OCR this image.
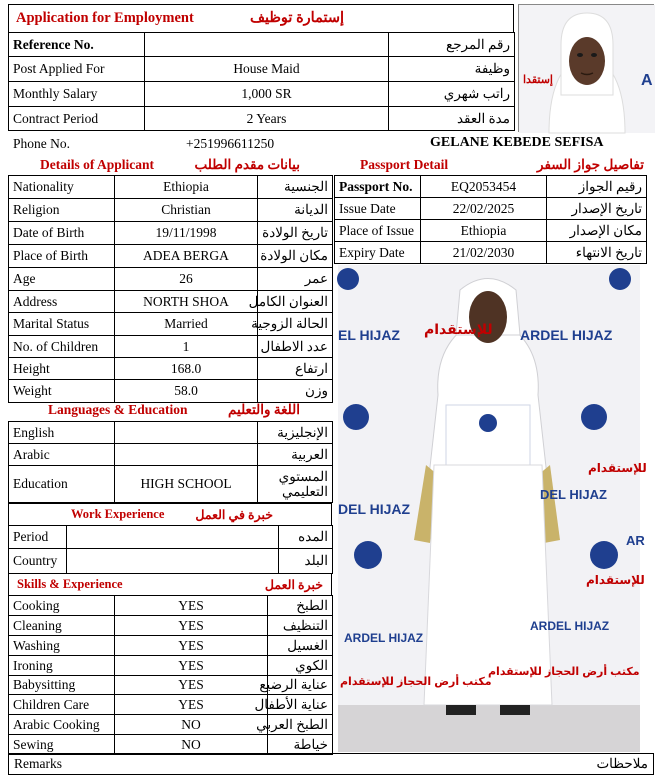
Application for Employment	إستمارة توظيف
Reference No.		رقم المرجع
Post Applied For	House Maid	وظيفة
Monthly Salary	1,000 SR	راتب شهري
Contract Period	2 Years	مدة العقد
إستقدا	A
Phone No.	+251996611250	GELANE KEBEDE SEFISA
Details of Applicant	بيانات مقدم الطلب
Nationality	Ethiopia	الجنسية
Religion	Christian	الديانة
Date of Birth	19/11/1998	تاريخ الولادة
Place of Birth	ADEA BERGA	مكان الولادة
Age	26	عمر
Address	NORTH SHOA	العنوان الكامل
Marital Status	Married	الحالة الزوجية
No. of Children	1	عدد الاطفال
Height	168.0	ارتفاع
Weight	58.0	وزن
Passport Detail	تفاصيل جواز السفر
Passport No.	EQ2053454	رقيم الجواز
Issue Date	22/02/2025	تاريخ الإصدار
Place of Issue	Ethiopia	مكان الإصدار
Expiry Date	21/02/2030	تاريخ الانتهاء
Languages & Education	اللغة والتعليم
English		الإنجليزية
Arabic		العربية
Education	HIGH SCHOOL	المستوي التعليمي
Work Experience خبرة في العمل
Period		المده
Country		البلد
Skills & Experience	خبرة العمل
Cooking	YES	الطبخ
Cleaning	YES	التنظيف
Washing	YES	الغسيل
Ironing	YES	الكوي
Babysitting	YES	عناية الرضيع
Children Care	YES	عناية الأطفال
Arabic Cooking	NO	الطبخ العربي
Sewing	NO	خياطة
Remarks	ملاحظات
للإستقدام
EL HIJAZ	ARDEL HIJAZ
للإستقدام
DEL HIJAZ
DEL HIJAZ
AR
للإستقدام
ARDEL HIJAZ
ARDEL HIJAZ
مكتب أرض الحجاز للإستقدام
مكتب أرض الحجاز للإستقدام
